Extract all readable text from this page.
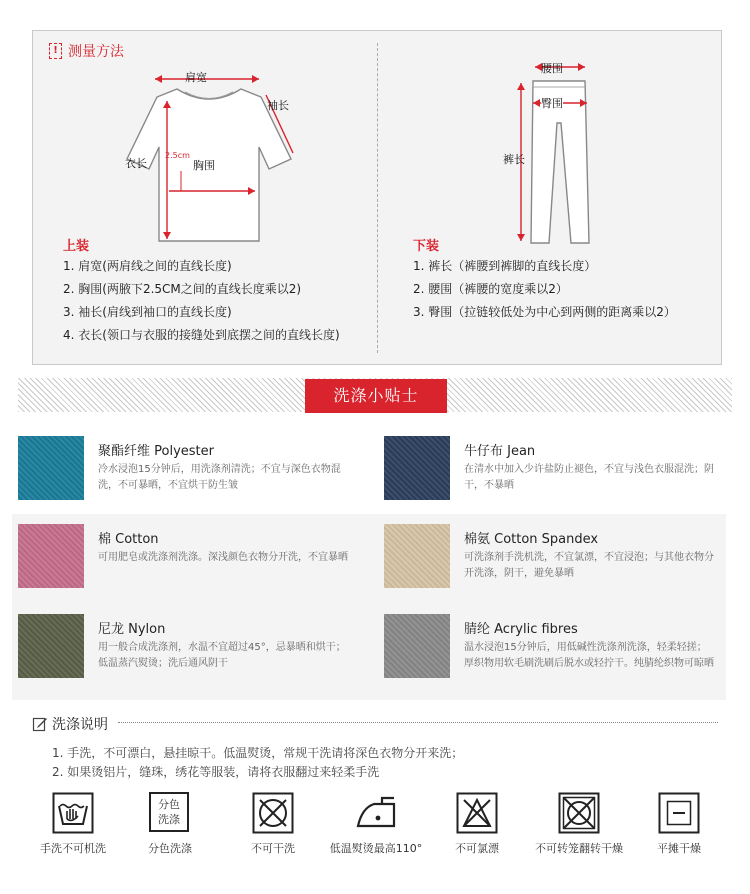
! 测量方法
肩宽
袖长
衣长
2.5cm
胸围
腰围
臀围
裤长
上装
1. 肩宽(两肩线之间的直线长度)
2. 胸围(两腋下2.5CM之间的直线长度乘以2)
3. 袖长(肩线到袖口的直线长度)
4. 衣长(领口与衣服的接缝处到底摆之间的直线长度)
下装
1. 裤长（裤腰到裤脚的直线长度）
2. 腰围（裤腰的宽度乘以2）
3. 臀围（拉链较低处为中心到两侧的距离乘以2）
洗涤小贴士
聚酯纤维 Polyester
冷水浸泡15分钟后，用洗涤剂清洗；不宜与深色衣物混洗，不可暴晒，不宜烘干防生皱
牛仔布 Jean
在清水中加入少许盐防止褪色，不宜与浅色衣服混洗；阴干，不暴晒
棉 Cotton
可用肥皂或洗涤剂洗涤。深浅颜色衣物分开洗，不宜暴晒
棉氨 Cotton Spandex
可洗涤剂手洗机洗，不宜氯漂，不宜浸泡；与其他衣物分开洗涤，阴干，避免暴晒
尼龙 Nylon
用一般合成洗涤剂，水温不宜超过45°，忌暴晒和烘干；低温蒸汽熨烫；洗后通风阴干
腈纶 Acrylic fibres
温水浸泡15分钟后，用低碱性洗涤剂洗涤，轻柔轻搓；厚织物用软毛刷洗刷后脱水或轻拧干。纯腈纶织物可晾晒
洗涤说明
1. 手洗，不可漂白，悬挂晾干。低温熨烫，常规干洗请将深色衣物分开来洗；
2. 如果烫铝片，缝珠，绣花等服装，请将衣服翻过来轻柔手洗
分色
洗涤
手洗不可机洗	分色洗涤	不可干洗	低温熨烫最高110°	不可氯漂	不可转笼翻转干燥	平摊干燥
